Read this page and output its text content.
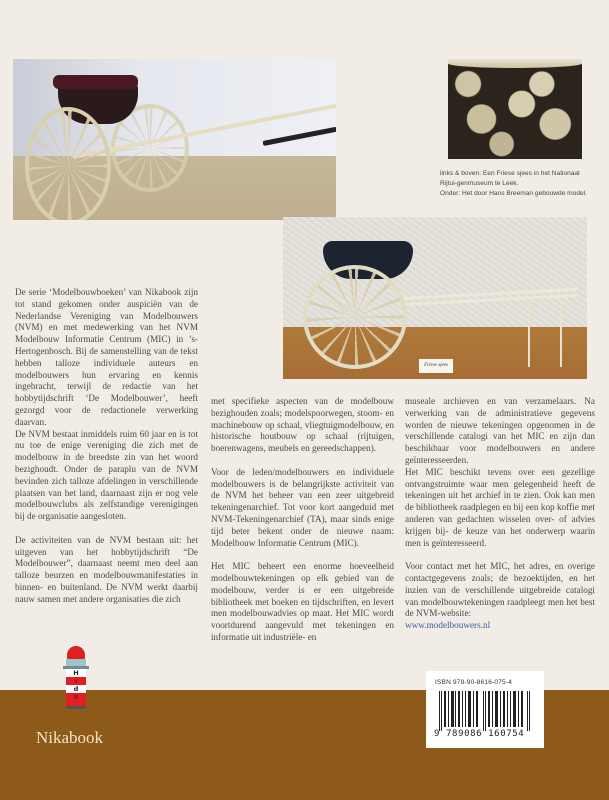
links & boven: Een Friese sjees in het Nationaal Rijtui-genmuseum te Leek.
Onder: Het door Hans Breeman gebouwde model.
Friese sjees

De serie ‘Modelbouwboeken’ van Nikabook zijn tot stand gekomen onder auspiciën van de Nederlandse Vereniging van Modelbouwers (NVM) en met medewerking van het NVM Modelbouw Informatie Centrum (MIC) in ’s-Hertogenbosch. Bij de samenstelling van de tekst hebben talloze individuele auteurs en modelbouwers hun ervaring en kennis ingebracht, terwijl de redactie van het hobbytijdschrift ‘De Modelbouwer’, heeft gezorgd voor de redactionele verwerking daarvan.

De NVM bestaat inmiddels ruim 60 jaar en is tot nu toe de enige vereniging die zich met de modelbouw in de breedste zin van het woord bezighoudt. Onder de paraplu van de NVM bevinden zich talloze afdelingen in verschillende plaatsen van het land, daarnaast zijn er nog vele modelbouwclubs als zelfstandige verenigingen bij de organisatie aangesloten.

De activiteiten van de NVM bestaan uit: het uitgeven van het hobbytijdschrift “De Modelbouwer”, daarnaast neemt men deel aan talloze beurzen en modelbouwmanifestaties in binnen- en buitenland. De NVM werkt daarbij nauw samen met andere organisaties die zich

met specifieke aspecten van de modelbouw bezighouden zoals; modelspoorwegen, stoom- en machinebouw op schaal, vliegtuigmodelbouw, en historische houtbouw op schaal (rijtuigen, boerenwagens, meubels en gereedschappen).

Voor de leden/modelbouwers en individuele modelbouwers is de belangrijkste activiteit van de NVM het beheer van een zeer uitgebreid tekeningenarchief. Tot voor kort aangeduid met NVM-Tekeningenarchief (TA), maar sinds enige tijd beter bekent onder de nieuwe naam: Modelbouw Informatie Centrum (MIC).

Het MIC beheert een enorme hoeveelheid modelbouwtekeningen op elk gebied van de modelbouw, verder is er een uitgebreide bibliotheek met boeken en tijdschriften, en levert men modelbouwadvies op maat. Het MIC wordt voortdurend aangevuld met tekeningen en informatie uit industriële- en

museale archieven en van verzamelaars. Na verwerking van de administratieve gegevens worden de nieuwe tekeningen opgenomen in de verschillende catalogi van het MIC en zijn dan beschikbaar voor modelbouwers en andere geïnteresseerden.

Het MIC beschikt tevens over een gezellige ontvangstruimte waar men gelegenheid heeft de tekeningen uit het archief in te zien. Ook kan men de bibliotheek raadplegen en bij een kop koffie met anderen van gedachten wisselen over- of advies krijgen bij- de keuze van het onderwerp waarin men is geïnteresseerd.

Voor contact met het MIC, het adres, en overige contactgegevens zoals; de bezoektijden, en het inzien van de verschillende uitgebreide catalogi van modelbouwtekeningen raadpleegt men het best de NVM-website:

www.modelbouwers.nl

H
v
d
B
Nikabook
ISBN 978-90-8616-075-4
9 789086 160754
